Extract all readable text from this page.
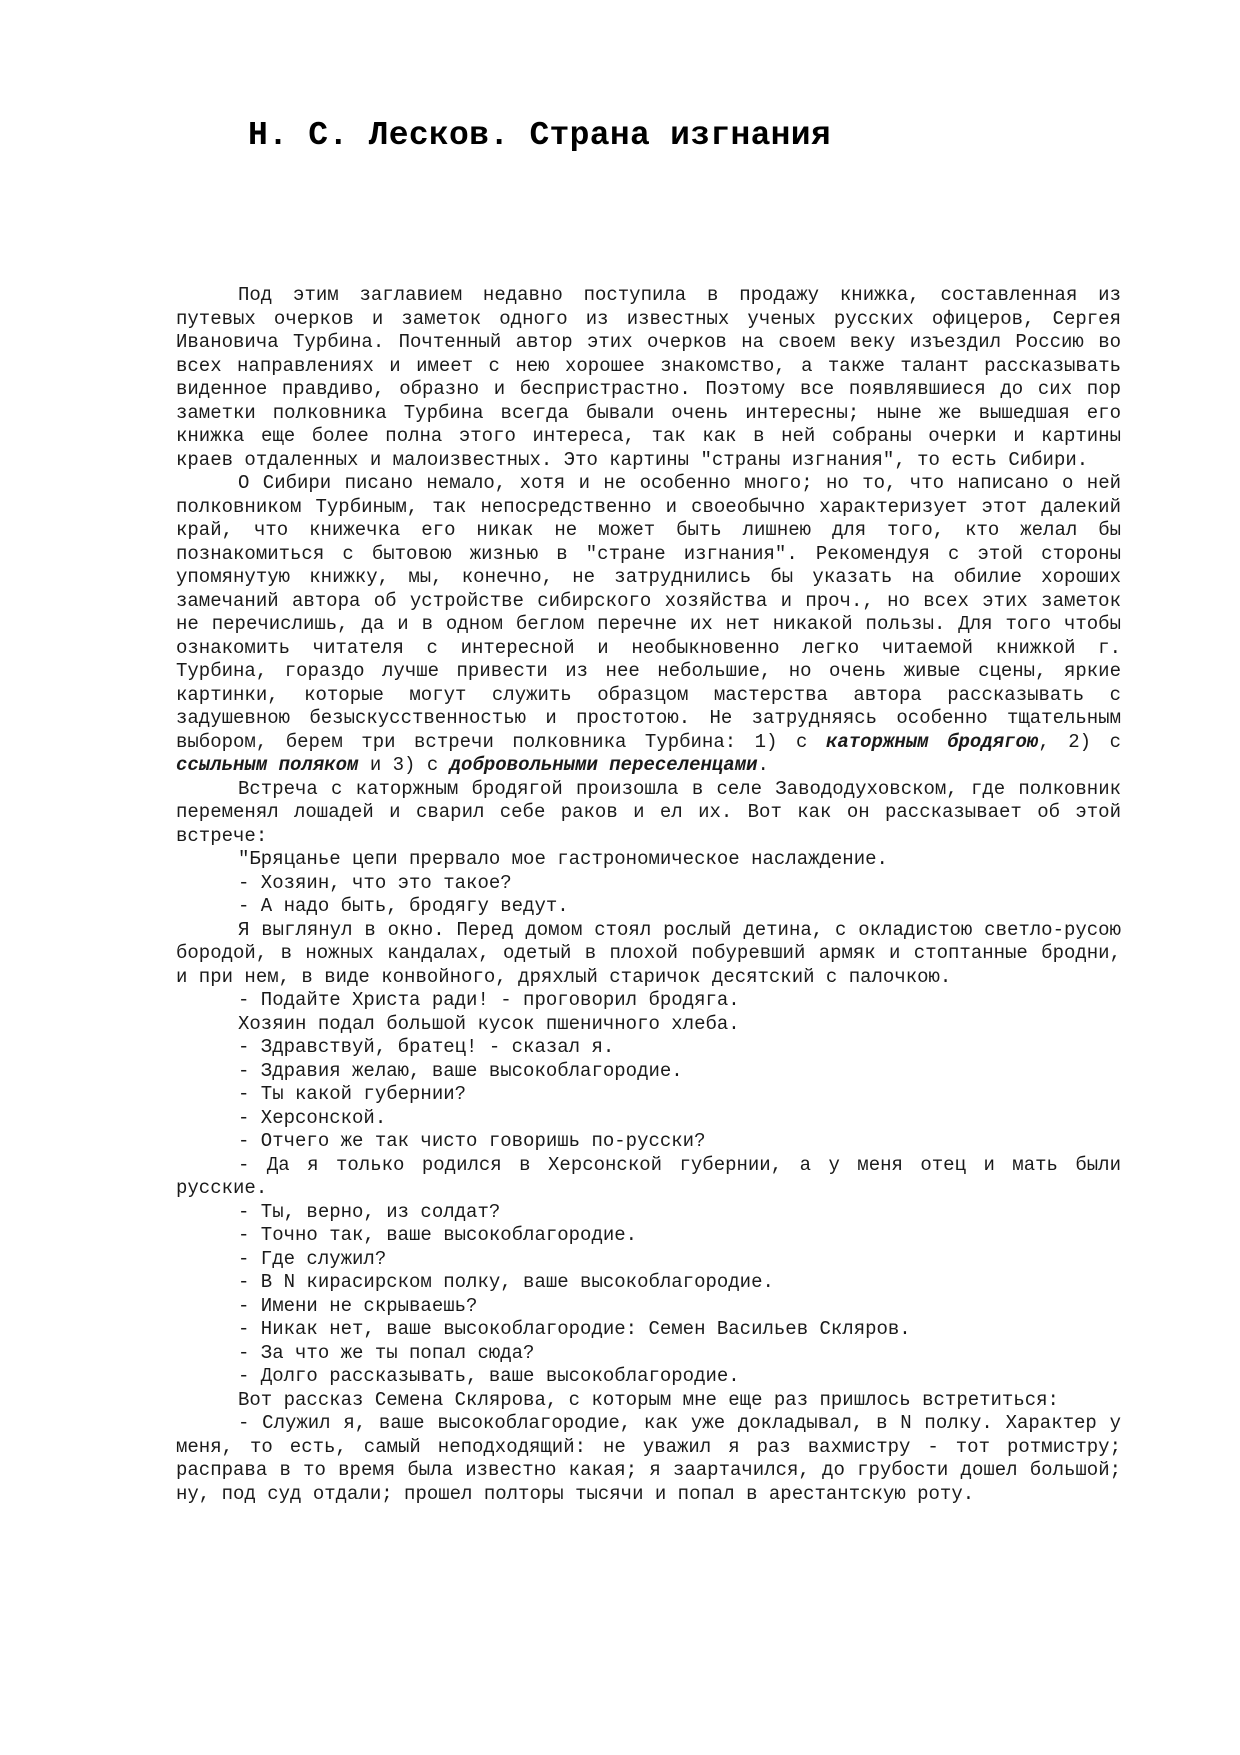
Н. С. Лесков. Страна изгнания

Под этим заглавием недавно поступила в продажу книжка, составленная из путевых очерков и заметок одного из известных ученых русских офицеров, Сергея Ивановича Турбина. Почтенный автор этих очерков на своем веку изъездил Россию во всех направлениях и имеет с нею хорошее знакомство, а также талант рассказывать виденное правдиво, образно и беспристрастно. Поэтому все появлявшиеся до сих пор заметки полковника Турбина всегда бывали очень интересны; ныне же вышедшая его книжка еще более полна этого интереса, так как в ней собраны очерки и картины краев отдаленных и малоизвестных. Это картины "страны изгнания", то есть Сибири.

О Сибири писано немало, хотя и не особенно много; но то, что написано о ней полковником Турбиным, так непосредственно и своеобычно характеризует этот далекий край, что книжечка его никак не может быть лишнею для того, кто желал бы познакомиться с бытовою жизнью в "стране изгнания". Рекомендуя с этой стороны упомянутую книжку, мы, конечно, не затруднились бы указать на обилие хороших замечаний автора об устройстве сибирского хозяйства и проч., но всех этих заметок не перечислишь, да и в одном беглом перечне их нет никакой пользы. Для того чтобы ознакомить читателя с интересной и необыкновенно легко читаемой книжкой г. Турбина, гораздо лучше привести из нее небольшие, но очень живые сцены, яркие картинки, которые могут служить образцом мастерства автора рассказывать с задушевною безыскусственностью и простотою. Не затрудняясь особенно тщательным выбором, берем три встречи полковника Турбина: 1) с каторжным бродягою, 2) с ссыльным поляком и 3) с добровольными переселенцами.

Встреча с каторжным бродягой произошла в селе Завододуховском, где полковник переменял лошадей и сварил себе раков и ел их. Вот как он рассказывает об этой встрече:

"Бряцанье цепи прервало мое гастрономическое наслаждение.

- Хозяин, что это такое?

- А надо быть, бродягу ведут.

Я выглянул в окно. Перед домом стоял рослый детина, с окладистою светло-русою бородой, в ножных кандалах, одетый в плохой побуревший армяк и стоптанные бродни, и при нем, в виде конвойного, дряхлый старичок десятский с палочкою.

- Подайте Христа ради! - проговорил бродяга.

Хозяин подал большой кусок пшеничного хлеба.

- Здравствуй, братец! - сказал я.

- Здравия желаю, ваше высокоблагородие.

- Ты какой губернии?

- Херсонской.

- Отчего же так чисто говоришь по-русски?

- Да я только родился в Херсонской губернии, а у меня отец и мать были русские.

- Ты, верно, из солдат?

- Точно так, ваше высокоблагородие.

- Где служил?

- В N кирасирском полку, ваше высокоблагородие.

- Имени не скрываешь?

- Никак нет, ваше высокоблагородие: Семен Васильев Скляров.

- За что же ты попал сюда?

- Долго рассказывать, ваше высокоблагородие.

Вот рассказ Семена Склярова, с которым мне еще раз пришлось встретиться:

- Служил я, ваше высокоблагородие, как уже докладывал, в N полку. Характер у меня, то есть, самый неподходящий: не уважил я раз вахмистру - тот ротмистру; расправа в то время была известно какая; я заартачился, до грубости дошел большой; ну, под суд отдали; прошел полторы тысячи и попал в арестантскую роту.
